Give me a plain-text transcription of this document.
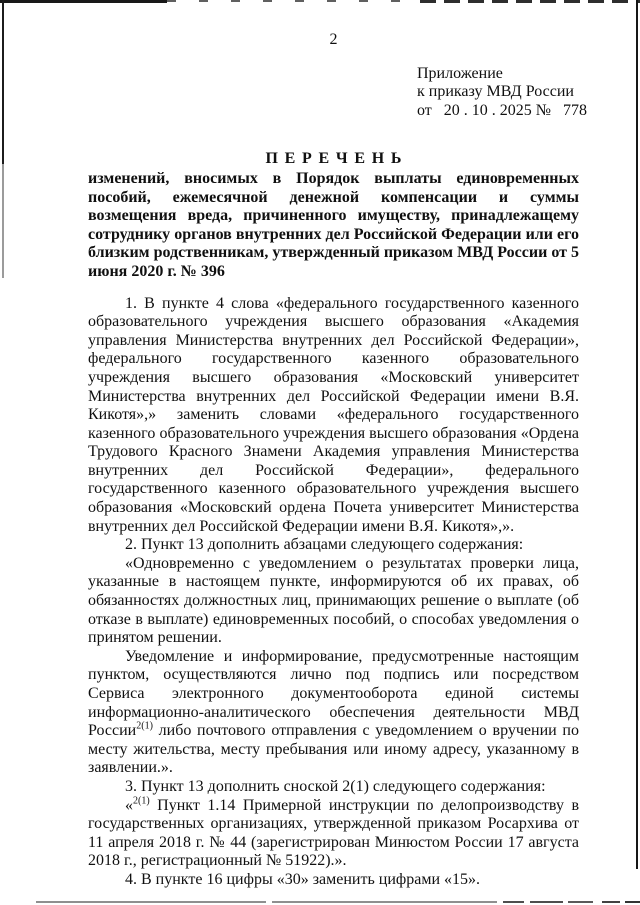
2
Приложение
к приказу МВД России
от   20 . 10 . 2025 №   778
ПЕРЕЧЕНЬ

изменений, вносимых в Порядок выплаты единовременных пособий, ежемесячной денежной компенсации и суммы возмещения вреда, причиненного имуществу, принадлежащему сотруднику органов внутренних дел Российской Федерации или его близким родственникам, утвержденный приказом МВД России от 5 июня 2020 г. № 396

1. В пункте 4 слова «федерального государственного казенного образовательного учреждения высшего образования «Академия управления Министерства внутренних дел Российской Федерации», федерального государственного казенного образовательного учреждения высшего образования «Московский университет Министерства внутренних дел Российской Федерации имени В.Я. Кикотя»,» заменить словами «федерального государственного казенного образовательного учреждения высшего образования «Ордена Трудового Красного Знамени Академия управления Министерства внутренних дел Российской Федерации», федерального государственного казенного образовательного учреждения высшего образования «Московский ордена Почета университет Министерства внутренних дел Российской Федерации имени В.Я. Кикотя»,».

2. Пункт 13 дополнить абзацами следующего содержания:

«Одновременно с уведомлением о результатах проверки лица, указанные в настоящем пункте, информируются об их правах, об обязанностях должностных лиц, принимающих решение о выплате (об отказе в выплате) единовременных пособий, о способах уведомления о принятом решении.

Уведомление и информирование, предусмотренные настоящим пунктом, осуществляются лично под подпись или посредством Сервиса электронного документооборота единой системы информационно-аналитического обеспечения деятельности МВД России$^{2(1)}$ либо почтового отправления с уведомлением о вручении по месту жительства, месту пребывания или иному адресу, указанному в заявлении.».

3. Пункт 13 дополнить сноской 2(1) следующего содержания:

«$^{2(1)}$ Пункт 1.14 Примерной инструкции по делопроизводству в государственных организациях, утвержденной приказом Росархива от 11 апреля 2018 г. № 44 (зарегистрирован Минюстом России 17 августа 2018 г., регистрационный № 51922).».

4. В пункте 16 цифры «30» заменить цифрами «15».
